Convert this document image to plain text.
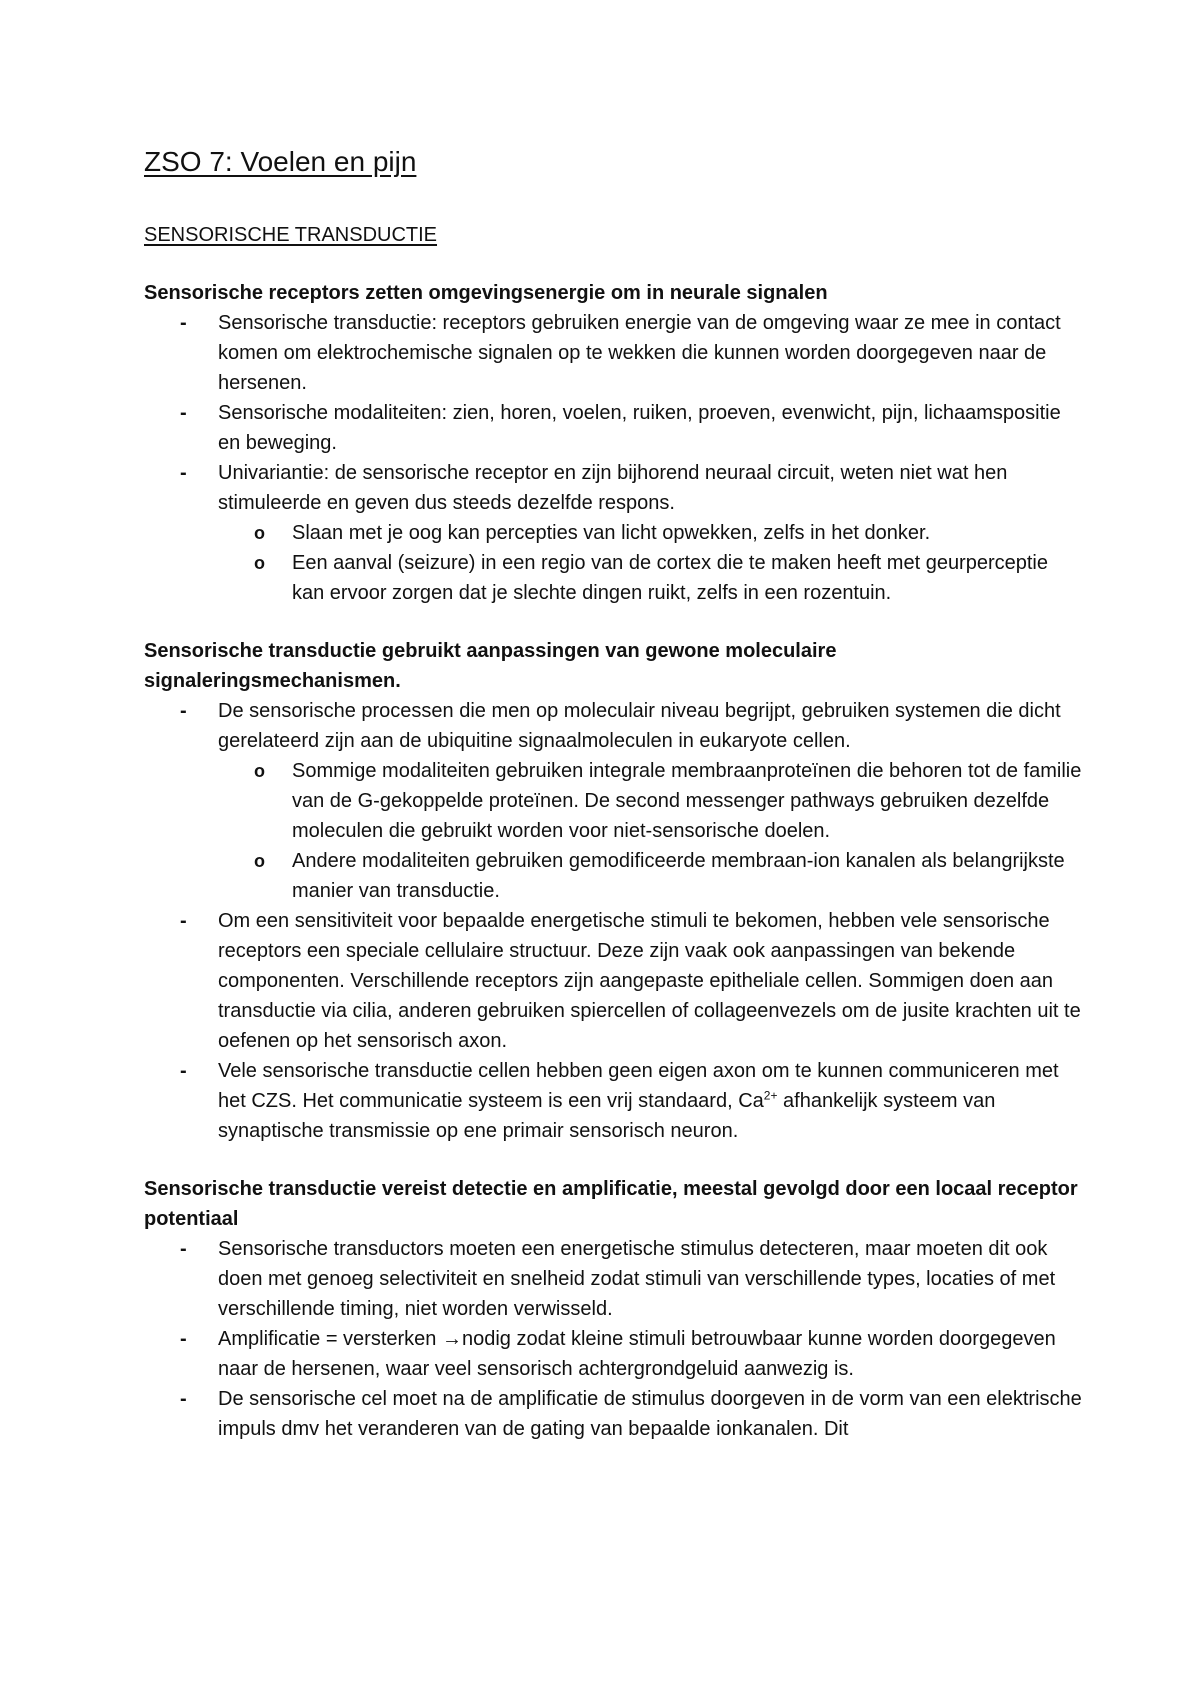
ZSO 7: Voelen en pijn
SENSORISCHE TRANSDUCTIE

Sensorische receptors zetten omgevingsenergie om in neurale signalen

- Sensorische transductie: receptors gebruiken energie van de omgeving waar ze mee in contact komen om elektrochemische signalen op te wekken die kunnen worden doorgegeven naar de hersenen.
- Sensorische modaliteiten: zien, horen, voelen, ruiken, proeven, evenwicht, pijn, lichaamspositie en beweging.
- Univariantie: de sensorische receptor en zijn bijhorend neuraal circuit, weten niet wat hen stimuleerde en geven dus steeds dezelfde respons.
o Slaan met je oog kan percepties van licht opwekken, zelfs in het donker.
o Een aanval (seizure) in een regio van de cortex die te maken heeft met geurperceptie kan ervoor zorgen dat je slechte dingen ruikt, zelfs in een rozentuin.

Sensorische transductie gebruikt aanpassingen van gewone moleculaire signaleringsmechanismen.

- De sensorische processen die men op moleculair niveau begrijpt, gebruiken systemen die dicht gerelateerd zijn aan de ubiquitine signaalmoleculen in eukaryote cellen.
o Sommige modaliteiten gebruiken integrale membraanproteïnen die behoren tot de familie van de G-gekoppelde proteïnen. De second messenger pathways gebruiken dezelfde moleculen die gebruikt worden voor niet-sensorische doelen.
o Andere modaliteiten gebruiken gemodificeerde membraan-ion kanalen als belangrijkste manier van transductie.
- Om een sensitiviteit voor bepaalde energetische stimuli te bekomen, hebben vele sensorische receptors een speciale cellulaire structuur. Deze zijn vaak ook aanpassingen van bekende componenten. Verschillende receptors zijn aangepaste epitheliale cellen. Sommigen doen aan transductie via cilia, anderen gebruiken spiercellen of collageenvezels om de jusite krachten uit te oefenen op het sensorisch axon.
- Vele sensorische transductie cellen hebben geen eigen axon om te kunnen communiceren met het CZS. Het communicatie systeem is een vrij standaard, $Ca^{2+}$ afhankelijk systeem van synaptische transmissie op ene primair sensorisch neuron.

Sensorische transductie vereist detectie en amplificatie, meestal gevolgd door een locaal receptor potentiaal

- Sensorische transductors moeten een energetische stimulus detecteren, maar moeten dit ook doen met genoeg selectiviteit en snelheid zodat stimuli van verschillende types, locaties of met verschillende timing, niet worden verwisseld.
- Amplificatie = versterken →nodig zodat kleine stimuli betrouwbaar kunne worden doorgegeven naar de hersenen, waar veel sensorisch achtergrondgeluid aanwezig is.
- De sensorische cel moet na de amplificatie de stimulus doorgeven in de vorm van een elektrische impuls dmv het veranderen van de gating van bepaalde ionkanalen. Dit
